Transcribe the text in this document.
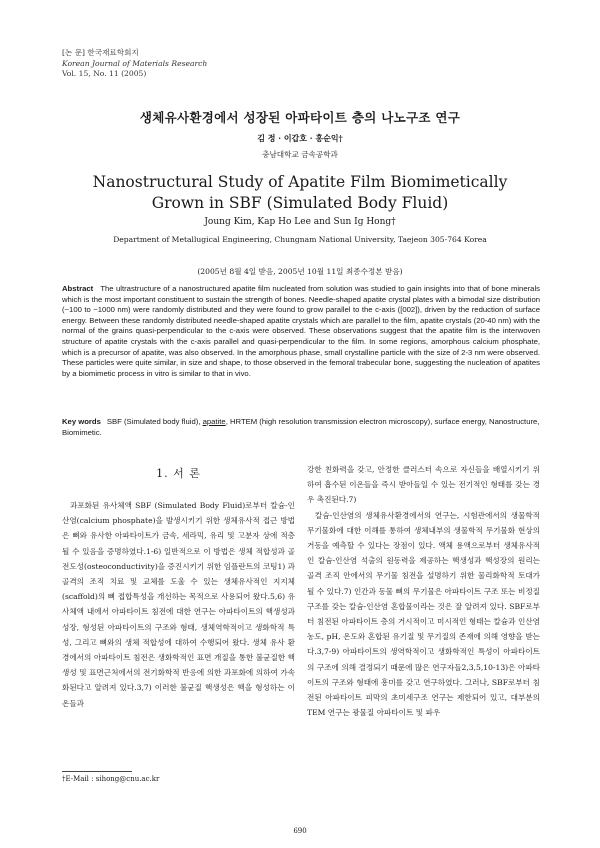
[논 문] 한국재료학회지
Korean Journal of Materials Research
Vol. 15, No. 11 (2005)
생체유사환경에서 성장된 아파타이트 층의 나노구조 연구
김 정 · 이갑호 · 홍순익†
충남대학교 금속공학과
Nanostructural Study of Apatite Film Biomimetically
Grown in SBF (Simulated Body Fluid)
Joung Kim, Kap Ho Lee and Sun Ig Hong†
Department of Metallugical Engineering, Chungnam National University, Taejeon 305-764 Korea
(2005년 8월 4일 받음, 2005년 10월 11일 최종수정본 받음)
Abstract The ultrastructure of a nanostructured apatite film nucleated from solution was studied to gain insights into that of bone minerals which is the most important constituent to sustain the strength of bones. Needle-shaped apatite crystal plates with a bimodal size distribution (~100 to ~1000 nm) were randomly distributed and they were found to grow parallel to the c-axis ([002]), driven by the reduction of surface energy. Between these randomly distributed needle-shaped apatite crystals which are parallel to the film, apatite crystals (20-40 nm) with the normal of the grains quasi-perpendicular to the c-axis were observed. These observations suggest that the apatite film is the interwoven structure of apatite crystals with the c-axis parallel and quasi-perpendicular to the film. In some regions, amorphous calcium phosphate, which is a precursor of apatite, was also observed. In the amorphous phase, small crystalline particle with the size of 2-3 nm were observed. These particles were quite similar, in size and shape, to those observed in the femoral trabecular bone, suggesting the nucleation of apatites by a biomimetic process in vitro is similar to that in vivo.
Key words SBF (Simulated body fluid), apatite, HRTEM (high resolution transmission electron microscopy), surface energy, Nanostructure, Biomimetic.
1. 서 론

과포화된 유사체액 SBF (Simulated Body Fluid)로부터 칼슘-인산염(calcium phosphate)을 발생시키기 위한 생체유사적 접근 방법은 뼈와 유사한 아파타이트가 금속, 세라믹, 유리 및 고분자 상에 적층될 수 있음을 증명하였다.1-6) 일반적으로 이 방법은 생체 적합성과 골전도성(osteoconductivity)을 증진시키기 위한 임플란트의 코팅1) 과 골격의 조직 치료 및 교체를 도울 수 있는 생체유사적인 지지체(scaffold)의 뼈 접합특성을 개선하는 목적으로 사용되어 왔다.5,6) 유사체액 내에서 아파타이트 침전에 대한 연구는 아파타이트의 핵생성과 성장, 형성된 아파타이트의 구조와 형태, 생체역학적이고 생화학적 특성, 그리고 뼈와의 생체 적합성에 대하여 수행되어 왔다. 생체 유사 환경에서의 아파타이트 침전은 생화학적인 표면 개질을 통한 불균질한 핵생성 및 표면근처에서의 전기화학적 반응에 의한 과포화에 의하여 가속화된다고 알려져 있다.3,7) 이러한 불균질 핵생성은 핵을 형성하는 이온들과

강한 친화력을 갖고, 안정한 클러스터 속으로 자신들을 배열시키기 위하여 흡수된 이온들을 즉시 받아들일 수 있는 전기적인 형태를 갖는 경우 촉진된다.7)

칼슘-인산염의 생체유사환경에서의 연구는, 시험관에서의 생물학적 무기물화에 대한 이해를 통하여 생체내부의 생물학적 무기물화 현상의 거동을 예측할 수 있다는 장점이 있다. 액체 용액으로부터 생체유사적인 칼슘-인산염 석출의 원동력을 제공하는 핵생성과 핵성장의 원리는 골격 조직 안에서의 무기물 침전을 설명하기 위한 물리화학적 토대가 될 수 있다.7) 인간과 동물 뼈의 무기물은 아파타이트 구조 또는 비정질 구조를 갖는 칼슘-인산염 혼합물이라는 것은 잘 알려져 있다. SBF로부터 침전된 아파타이트 층의 거시적이고 미시적인 형태는 칼슘과 인산염 농도, pH, 온도와 혼합된 유기질 및 무기질의 존재에 의해 영향을 받는다.3,7-9) 아파타이트의 생역학적이고 생화학적인 특성이 아파타이트의 구조에 의해 결정되기 때문에 많은 연구자들2,3,5,10-13)은 아파타이트의 구조와 형태에 흥미를 갖고 연구하였다. 그러나, SBF로부터 침전된 아파타이트 피막의 초미세구조 연구는 제한되어 있고, 대부분의 TEM 연구는 광물질 아파타이트 및 파우

†E-Mail : sihong@cnu.ac.kr
690
